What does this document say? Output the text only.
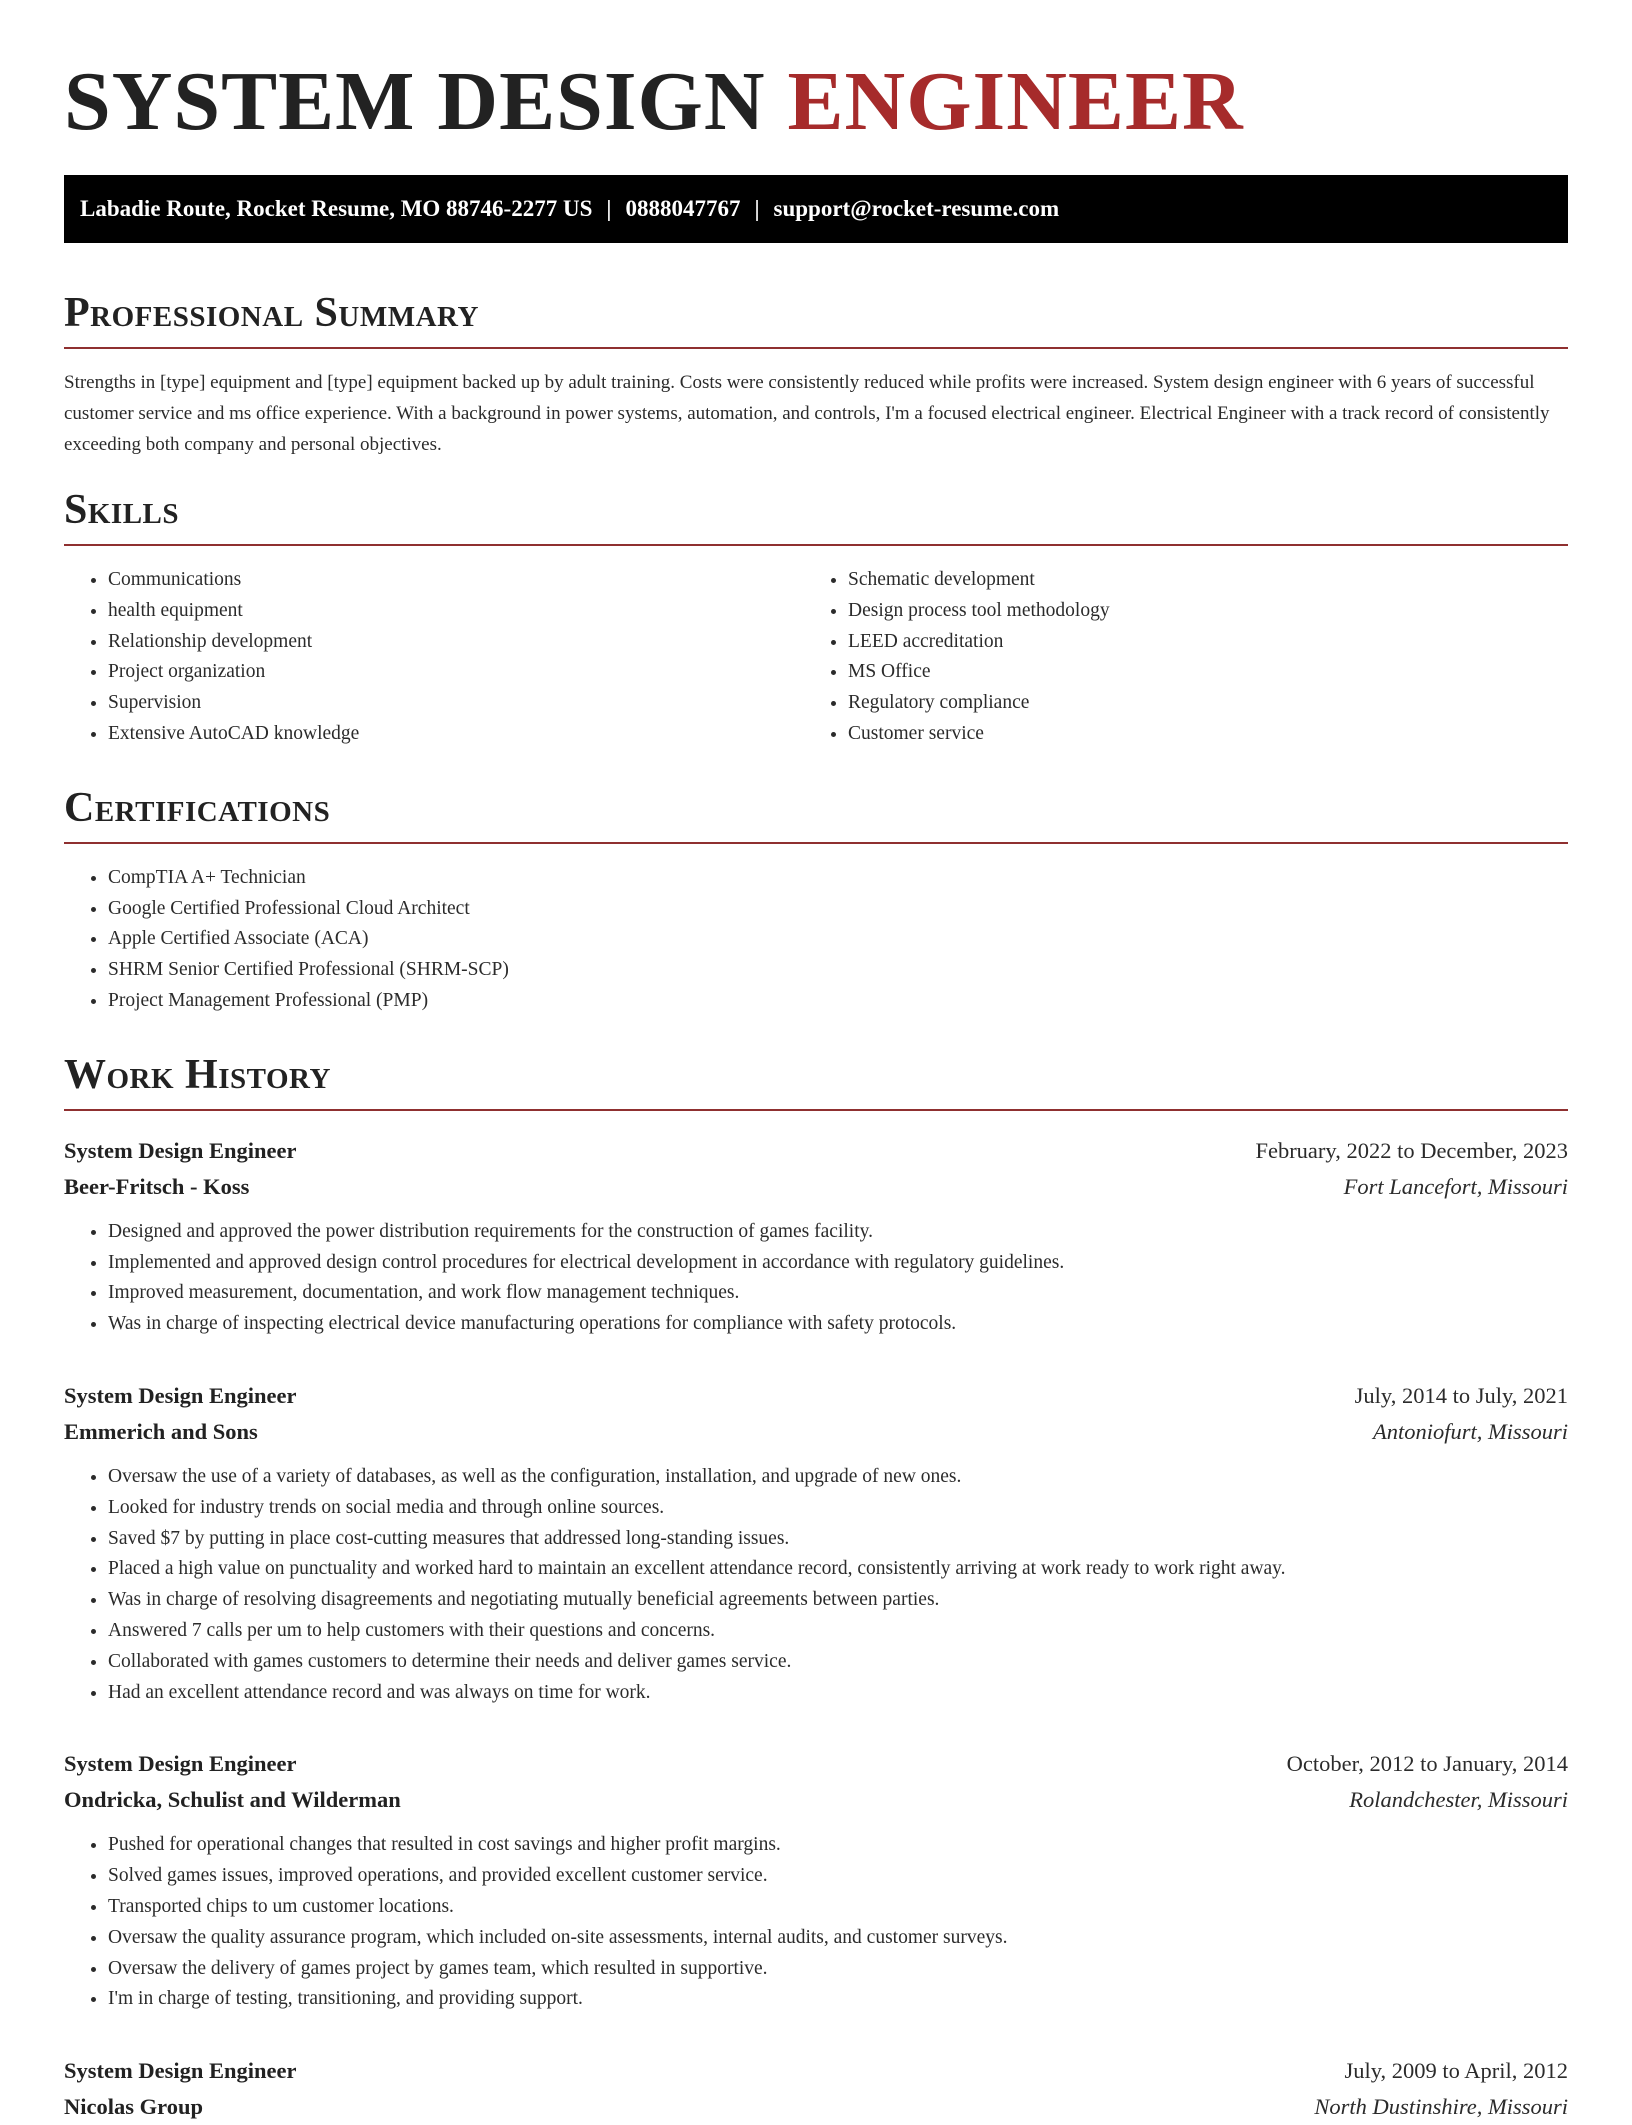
SYSTEM DESIGN ENGINEER
Labadie Route, Rocket Resume, MO 88746-2277 US | 0888047767 | support@rocket-resume.com
Professional Summary

Strengths in [type] equipment and [type] equipment backed up by adult training. Costs were consistently reduced while profits were increased. System design engineer with 6 years of successful customer service and ms office experience. With a background in power systems, automation, and controls, I'm a focused electrical engineer. Electrical Engineer with a track record of consistently exceeding both company and personal objectives.

Skills
• Communications
• health equipment
• Relationship development
• Project organization
• Supervision
• Extensive AutoCAD knowledge
• Schematic development
• Design process tool methodology
• LEED accreditation
• MS Office
• Regulatory compliance
• Customer service
Certifications
• CompTIA A+ Technician
• Google Certified Professional Cloud Architect
• Apple Certified Associate (ACA)
• SHRM Senior Certified Professional (SHRM-SCP)
• Project Management Professional (PMP)
Work History
System Design Engineer	February, 2022 to December, 2023
Beer-Fritsch - Koss	Fort Lancefort, Missouri
• Designed and approved the power distribution requirements for the construction of games facility.
• Implemented and approved design control procedures for electrical development in accordance with regulatory guidelines.
• Improved measurement, documentation, and work flow management techniques.
• Was in charge of inspecting electrical device manufacturing operations for compliance with safety protocols.
System Design Engineer	July, 2014 to July, 2021
Emmerich and Sons	Antoniofurt, Missouri
• Oversaw the use of a variety of databases, as well as the configuration, installation, and upgrade of new ones.
• Looked for industry trends on social media and through online sources.
• Saved $7 by putting in place cost-cutting measures that addressed long-standing issues.
• Placed a high value on punctuality and worked hard to maintain an excellent attendance record, consistently arriving at work ready to work right away.
• Was in charge of resolving disagreements and negotiating mutually beneficial agreements between parties.
• Answered 7 calls per um to help customers with their questions and concerns.
• Collaborated with games customers to determine their needs and deliver games service.
• Had an excellent attendance record and was always on time for work.
System Design Engineer	October, 2012 to January, 2014
Ondricka, Schulist and Wilderman	Rolandchester, Missouri
• Pushed for operational changes that resulted in cost savings and higher profit margins.
• Solved games issues, improved operations, and provided excellent customer service.
• Transported chips to um customer locations.
• Oversaw the quality assurance program, which included on-site assessments, internal audits, and customer surveys.
• Oversaw the delivery of games project by games team, which resulted in supportive.
• I'm in charge of testing, transitioning, and providing support.
System Design Engineer	July, 2009 to April, 2012
Nicolas Group	North Dustinshire, Missouri
